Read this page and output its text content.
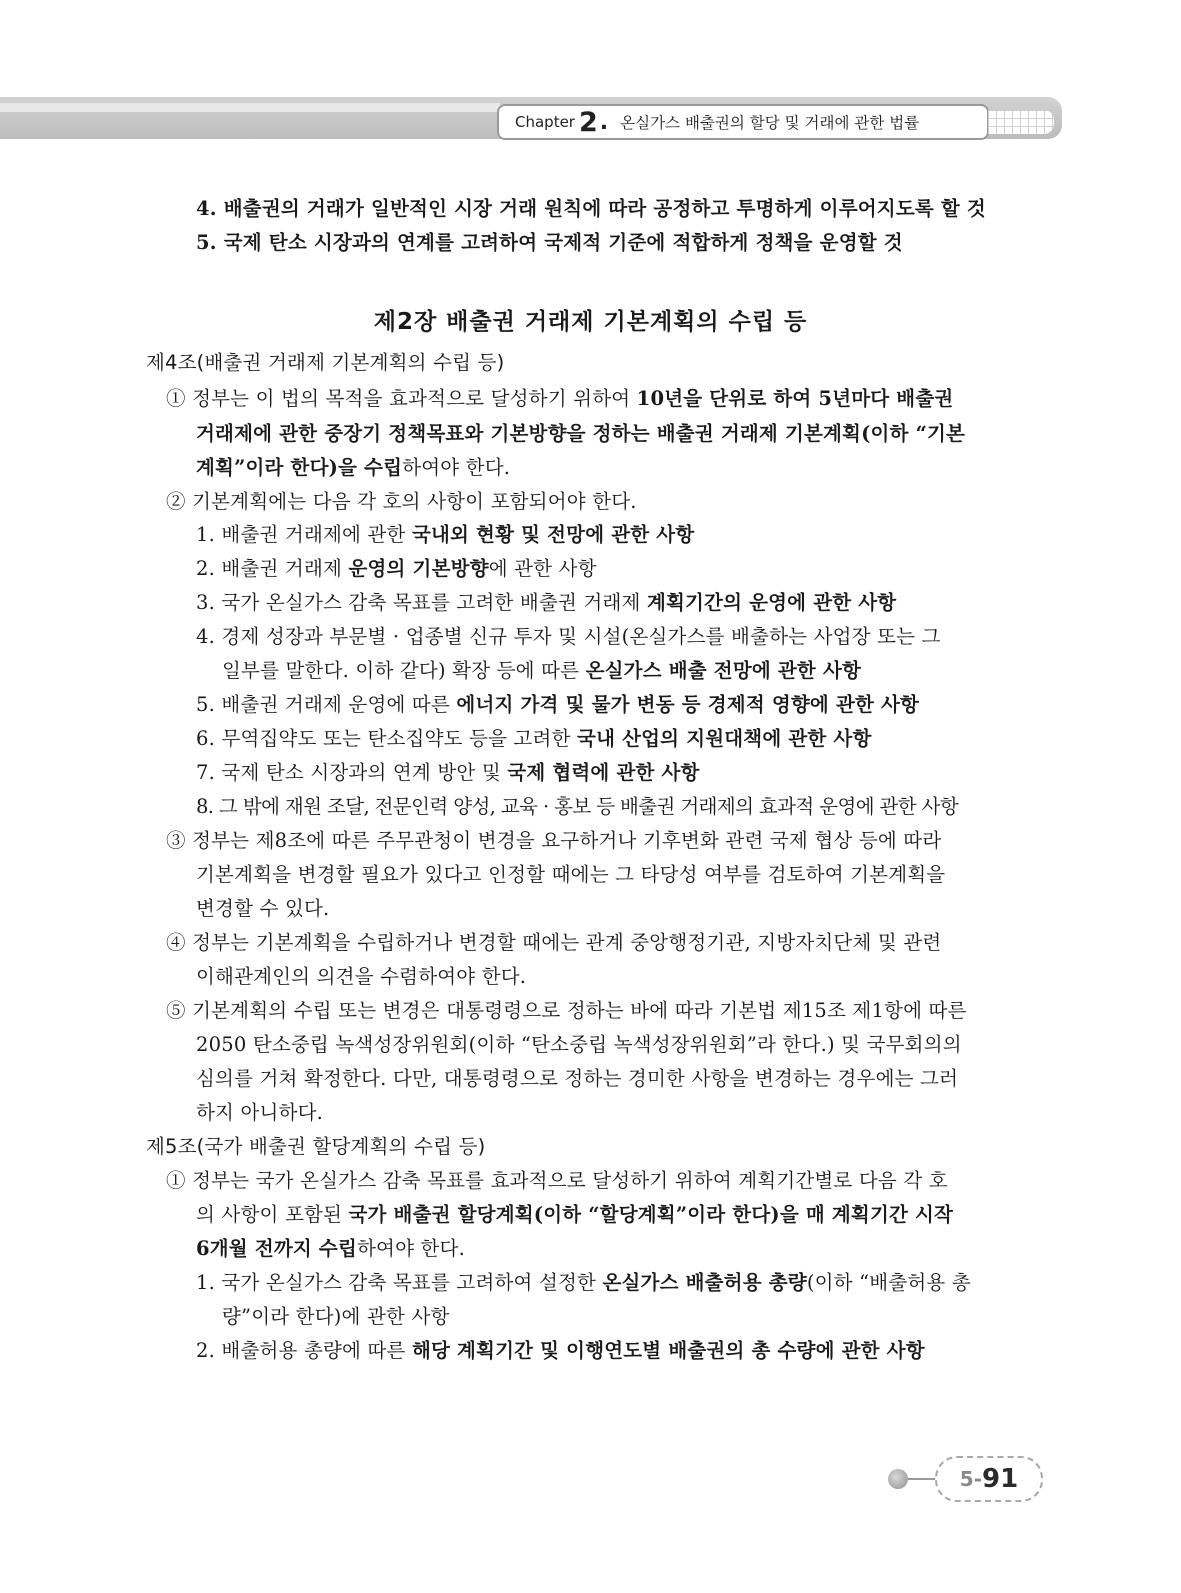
Chapter 2 . 온실가스 배출권의 할당 및 거래에 관한 법률
4. 배출권의 거래가 일반적인 시장 거래 원칙에 따라 공정하고 투명하게 이루어지도록 할 것
5. 국제 탄소 시장과의 연계를 고려하여 국제적 기준에 적합하게 정책을 운영할 것
제2장 배출권 거래제 기본계획의 수립 등
제4조(배출권 거래제 기본계획의 수립 등)
① 정부는 이 법의 목적을 효과적으로 달성하기 위하여 10년을 단위로 하여 5년마다 배출권
거래제에 관한 중장기 정책목표와 기본방향을 정하는 배출권 거래제 기본계획(이하 “기본
계획”이라 한다)을 수립하여야 한다.
② 기본계획에는 다음 각 호의 사항이 포함되어야 한다.
1. 배출권 거래제에 관한 국내외 현황 및 전망에 관한 사항
2. 배출권 거래제 운영의 기본방향에 관한 사항
3. 국가 온실가스 감축 목표를 고려한 배출권 거래제 계획기간의 운영에 관한 사항
4. 경제 성장과 부문별 · 업종별 신규 투자 및 시설(온실가스를 배출하는 사업장 또는 그
일부를 말한다. 이하 같다) 확장 등에 따른 온실가스 배출 전망에 관한 사항
5. 배출권 거래제 운영에 따른 에너지 가격 및 물가 변동 등 경제적 영향에 관한 사항
6. 무역집약도 또는 탄소집약도 등을 고려한 국내 산업의 지원대책에 관한 사항
7. 국제 탄소 시장과의 연계 방안 및 국제 협력에 관한 사항
8. 그 밖에 재원 조달, 전문인력 양성, 교육 · 홍보 등 배출권 거래제의 효과적 운영에 관한 사항
③ 정부는 제8조에 따른 주무관청이 변경을 요구하거나 기후변화 관련 국제 협상 등에 따라
기본계획을 변경할 필요가 있다고 인정할 때에는 그 타당성 여부를 검토하여 기본계획을
변경할 수 있다.
④ 정부는 기본계획을 수립하거나 변경할 때에는 관계 중앙행정기관, 지방자치단체 및 관련
이해관계인의 의견을 수렴하여야 한다.
⑤ 기본계획의 수립 또는 변경은 대통령령으로 정하는 바에 따라 기본법 제15조 제1항에 따른
2050 탄소중립 녹색성장위원회(이하 “탄소중립 녹색성장위원회”라 한다.) 및 국무회의의
심의를 거쳐 확정한다. 다만, 대통령령으로 정하는 경미한 사항을 변경하는 경우에는 그러
하지 아니하다.
제5조(국가 배출권 할당계획의 수립 등)
① 정부는 국가 온실가스 감축 목표를 효과적으로 달성하기 위하여 계획기간별로 다음 각 호
의 사항이 포함된 국가 배출권 할당계획(이하 “할당계획”이라 한다)을 매 계획기간 시작
6개월 전까지 수립하여야 한다.
1. 국가 온실가스 감축 목표를 고려하여 설정한 온실가스 배출허용 총량(이하 “배출허용 총
량”이라 한다)에 관한 사항
2. 배출허용 총량에 따른 해당 계획기간 및 이행연도별 배출권의 총 수량에 관한 사항
5- 91
